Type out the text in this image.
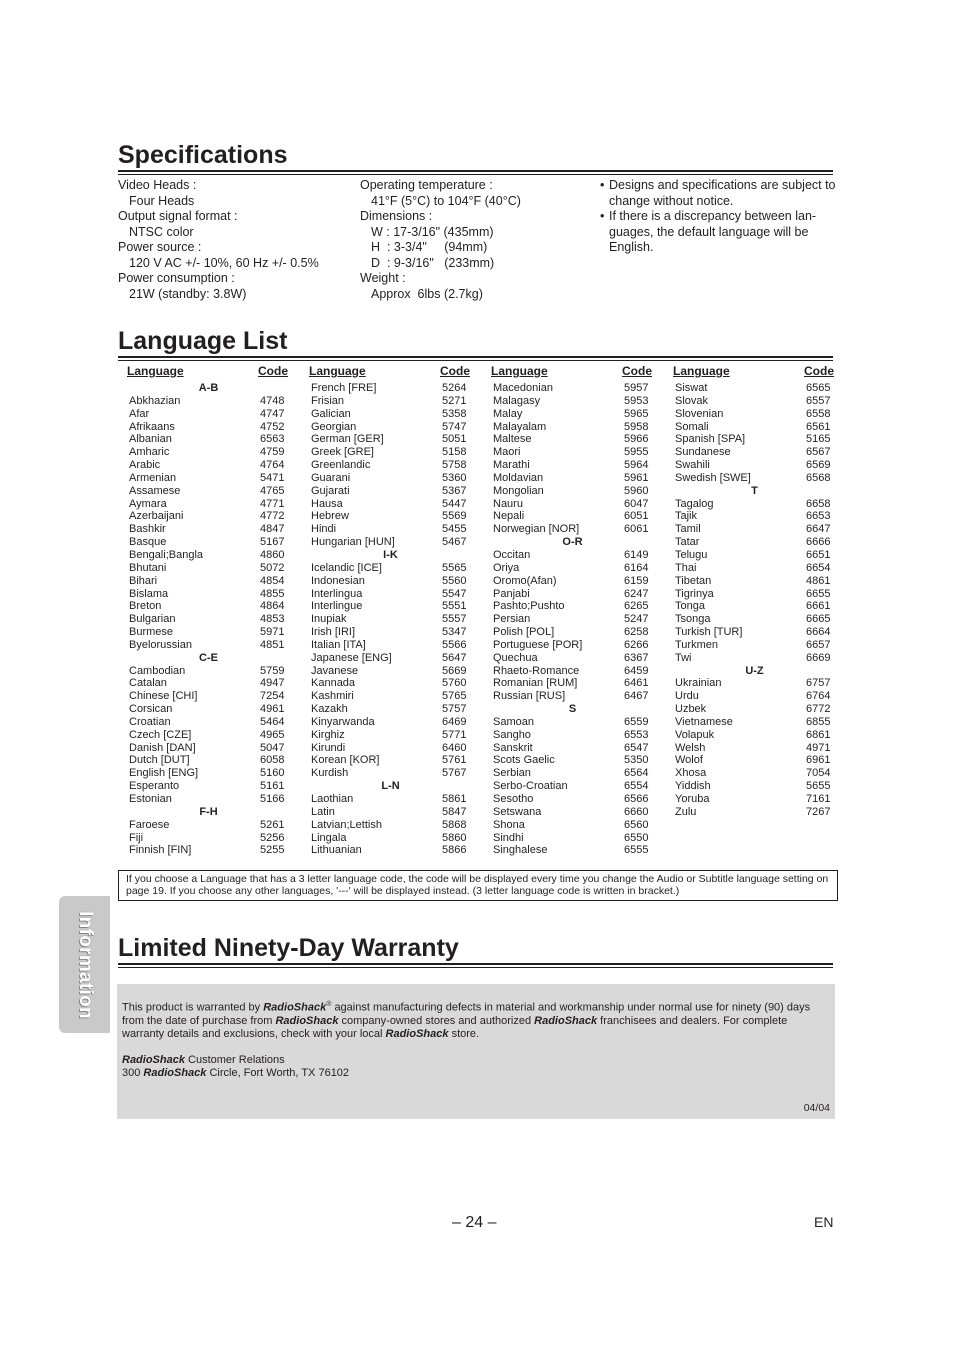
Specifications
Video Heads :
Four Heads
Output signal format :
NTSC color
Power source :
120 V AC +/- 10%, 60 Hz +/- 0.5%
Power consumption :
21W (standby: 3.8W)
Operating temperature :
41°F (5°C) to 104°F (40°C)
Dimensions :
W : 17-3/16" (435mm)
H  : 3-3/4"     (94mm)
D  : 9-3/16"   (233mm)
Weight :
Approx  6lbs (2.7kg)
• Designs and specifications are subject to change without notice.
• If there is a discrepancy between lan- guages, the default language will be English.
Language List
Language	Code
A-B
Abkhazian	4748
Afar	4747
Afrikaans	4752
Albanian	6563
Amharic	4759
Arabic	4764
Armenian	5471
Assamese	4765
Aymara	4771
Azerbaijani	4772
Bashkir	4847
Basque	5167
Bengali;Bangla	4860
Bhutani	5072
Bihari	4854
Bislama	4855
Breton	4864
Bulgarian	4853
Burmese	5971
Byelorussian	4851
C-E
Cambodian	5759
Catalan	4947
Chinese [CHI]	7254
Corsican	4961
Croatian	5464
Czech [CZE]	4965
Danish [DAN]	5047
Dutch [DUT]	6058
English [ENG]	5160
Esperanto	5161
Estonian	5166
F-H
Faroese	5261
Fiji	5256
Finnish [FIN]	5255
Language	Code
French [FRE]	5264
Frisian	5271
Galician	5358
Georgian	5747
German [GER]	5051
Greek [GRE]	5158
Greenlandic	5758
Guarani	5360
Gujarati	5367
Hausa	5447
Hebrew	5569
Hindi	5455
Hungarian [HUN]	5467
I-K
Icelandic [ICE]	5565
Indonesian	5560
Interlingua	5547
Interlingue	5551
Inupiak	5557
Irish [IRI]	5347
Italian [ITA]	5566
Japanese [ENG]	5647
Javanese	5669
Kannada	5760
Kashmiri	5765
Kazakh	5757
Kinyarwanda	6469
Kirghiz	5771
Kirundi	6460
Korean [KOR]	5761
Kurdish	5767
L-N
Laothian	5861
Latin	5847
Latvian;Lettish	5868
Lingala	5860
Lithuanian	5866
Language	Code
Macedonian	5957
Malagasy	5953
Malay	5965
Malayalam	5958
Maltese	5966
Maori	5955
Marathi	5964
Moldavian	5961
Mongolian	5960
Nauru	6047
Nepali	6051
Norwegian [NOR]	6061
O-R
Occitan	6149
Oriya	6164
Oromo(Afan)	6159
Panjabi	6247
Pashto;Pushto	6265
Persian	5247
Polish [POL]	6258
Portuguese [POR]	6266
Quechua	6367
Rhaeto-Romance	6459
Romanian [RUM]	6461
Russian [RUS]	6467
S
Samoan	6559
Sangho	6553
Sanskrit	6547
Scots Gaelic	5350
Serbian	6564
Serbo-Croatian	6554
Sesotho	6566
Setswana	6660
Shona	6560
Sindhi	6550
Singhalese	6555
Language	Code
Siswat	6565
Slovak	6557
Slovenian	6558
Somali	6561
Spanish [SPA]	5165
Sundanese	6567
Swahili	6569
Swedish [SWE]	6568
T
Tagalog	6658
Tajik	6653
Tamil	6647
Tatar	6666
Telugu	6651
Thai	6654
Tibetan	4861
Tigrinya	6655
Tonga	6661
Tsonga	6665
Turkish [TUR]	6664
Turkmen	6657
Twi	6669
U-Z
Ukrainian	6757
Urdu	6764
Uzbek	6772
Vietnamese	6855
Volapuk	6861
Welsh	4971
Wolof	6961
Xhosa	7054
Yiddish	5655
Yoruba	7161
Zulu	7267
If you choose a Language that has a 3 letter language code, the code will be displayed every time you change the Audio or Subtitle language setting on page 19. If you choose any other languages, '---' will be displayed instead. (3 letter language code is written in bracket.)
Information Limited Ninety-Day Warranty
This product is warranted by RadioShack® against manufacturing defects in material and workmanship under normal use for ninety (90) days from the date of purchase from RadioShack company-owned stores and authorized RadioShack franchisees and dealers. For complete warranty details and exclusions, check with your local RadioShack store.
RadioShack Customer Relations
300 RadioShack Circle, Fort Worth, TX 76102
04/04
– 24 –	EN
